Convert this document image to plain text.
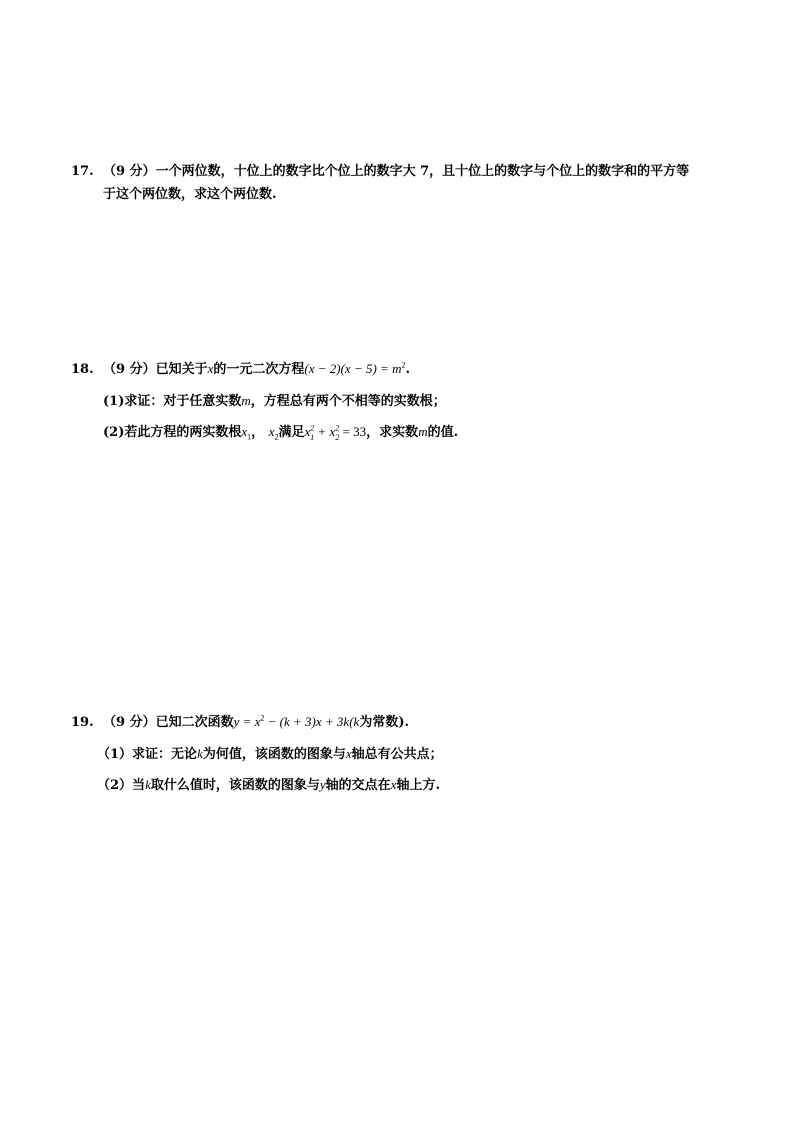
17. （9 分）一个两位数，十位上的数字比个位上的数字大 7，且十位上的数字与个位上的数字和的平方等
于这个两位数，求这个两位数.
18. （9 分）已知关于x的一元二次方程$(x - 2)(x - 5) = m^2$.
(1)求证：对于任意实数m，方程总有两个不相等的实数根；
(2)若此方程的两实数根$x_1$， $x_2$满足$x^2_1 + x^2_2 = 33$，求实数m的值.
19. （9 分）已知二次函数$y = x^2 - (k + 3)x + 3k(k$为常数).
（1）求证：无论k为何值，该函数的图象与x轴总有公共点；
（2）当k取什么值时，该函数的图象与y轴的交点在x轴上方.
